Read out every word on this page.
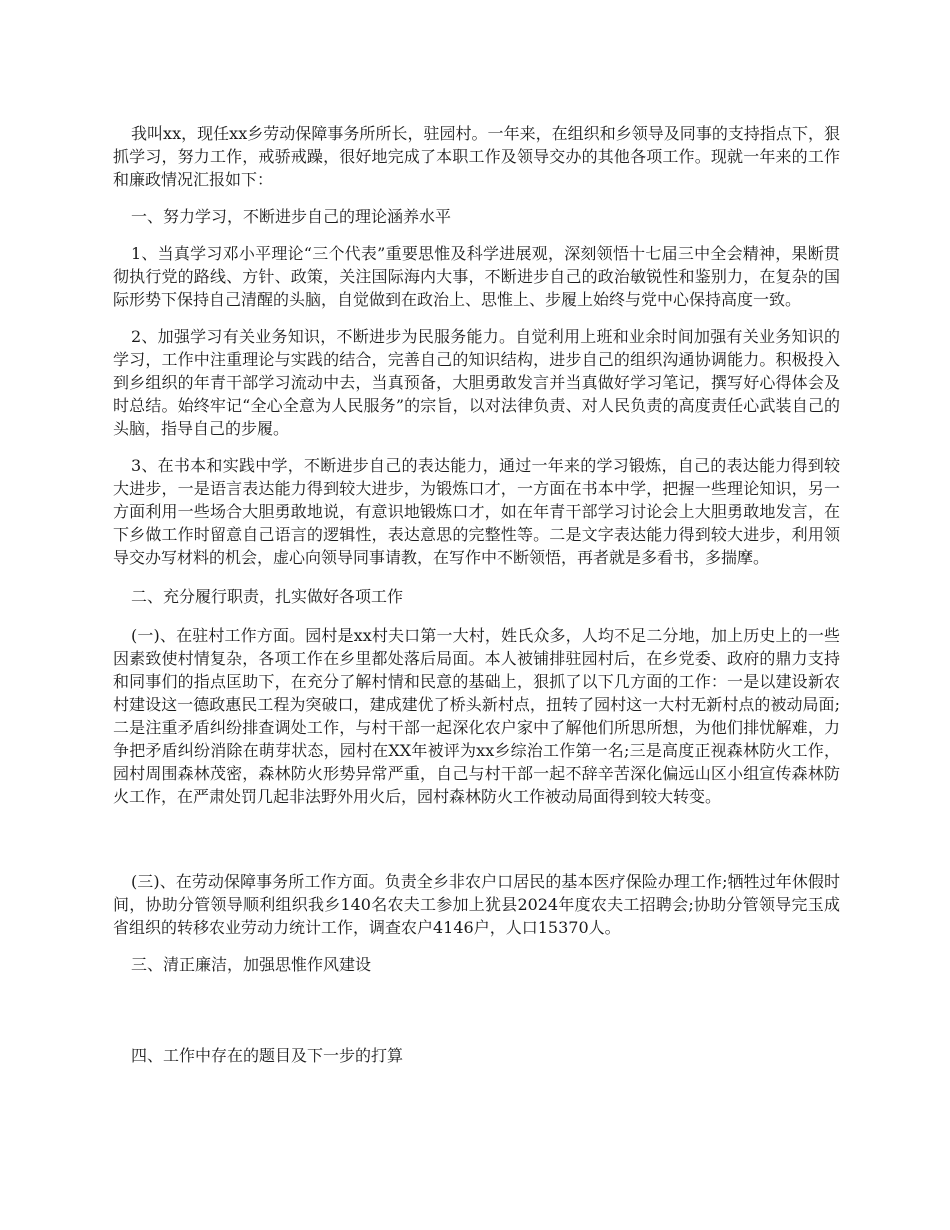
我叫xx，现任xx乡劳动保障事务所所长，驻园村。一年来，在组织和乡领导及同事的支持指点下，狠抓学习，努力工作，戒骄戒躁，很好地完成了本职工作及领导交办的其他各项工作。现就一年来的工作和廉政情况汇报如下：

一、努力学习，不断进步自己的理论涵养水平

1、当真学习邓小平理论“三个代表”重要思惟及科学进展观，深刻领悟十七届三中全会精神，果断贯彻执行党的路线、方针、政策，关注国际海内大事，不断进步自己的政治敏锐性和鉴别力，在复杂的国际形势下保持自己清醒的头脑，自觉做到在政治上、思惟上、步履上始终与党中心保持高度一致。

2、加强学习有关业务知识，不断进步为民服务能力。自觉利用上班和业余时间加强有关业务知识的学习，工作中注重理论与实践的结合，完善自己的知识结构，进步自己的组织沟通协调能力。积极投入到乡组织的年青干部学习流动中去，当真预备，大胆勇敢发言并当真做好学习笔记，撰写好心得体会及时总结。始终牢记“全心全意为人民服务”的宗旨，以对法律负责、对人民负责的高度责任心武装自己的头脑，指导自己的步履。

3、在书本和实践中学，不断进步自己的表达能力，通过一年来的学习锻炼，自己的表达能力得到较大进步，一是语言表达能力得到较大进步，为锻炼口才，一方面在书本中学，把握一些理论知识，另一方面利用一些场合大胆勇敢地说，有意识地锻炼口才，如在年青干部学习讨论会上大胆勇敢地发言，在下乡做工作时留意自己语言的逻辑性，表达意思的完整性等。二是文字表达能力得到较大进步，利用领导交办写材料的机会，虚心向领导同事请教，在写作中不断领悟，再者就是多看书，多揣摩。

二、充分履行职责，扎实做好各项工作

(一)、在驻村工作方面。园村是xx村夫口第一大村，姓氏众多，人均不足二分地，加上历史上的一些因素致使村情复杂，各项工作在乡里都处落后局面。本人被铺排驻园村后，在乡党委、政府的鼎力支持和同事们的指点匡助下，在充分了解村情和民意的基础上，狠抓了以下几方面的工作：一是以建设新农村建设这一德政惠民工程为突破口，建成建优了桥头新村点，扭转了园村这一大村无新村点的被动局面;二是注重矛盾纠纷排查调处工作，与村干部一起深化农户家中了解他们所思所想，为他们排忧解难，力争把矛盾纠纷消除在萌芽状态，园村在XX年被评为xx乡综治工作第一名;三是高度正视森林防火工作，园村周围森林茂密，森林防火形势异常严重，自己与村干部一起不辞辛苦深化偏远山区小组宣传森林防火工作，在严肃处罚几起非法野外用火后，园村森林防火工作被动局面得到较大转变。

(三)、在劳动保障事务所工作方面。负责全乡非农户口居民的基本医疗保险办理工作;牺牲过年休假时间，协助分管领导顺利组织我乡140名农夫工参加上犹县2024年度农夫工招聘会;协助分管领导完玉成省组织的转移农业劳动力统计工作，调查农户4146户，人口15370人。

三、清正廉洁，加强思惟作风建设

四、工作中存在的题目及下一步的打算
